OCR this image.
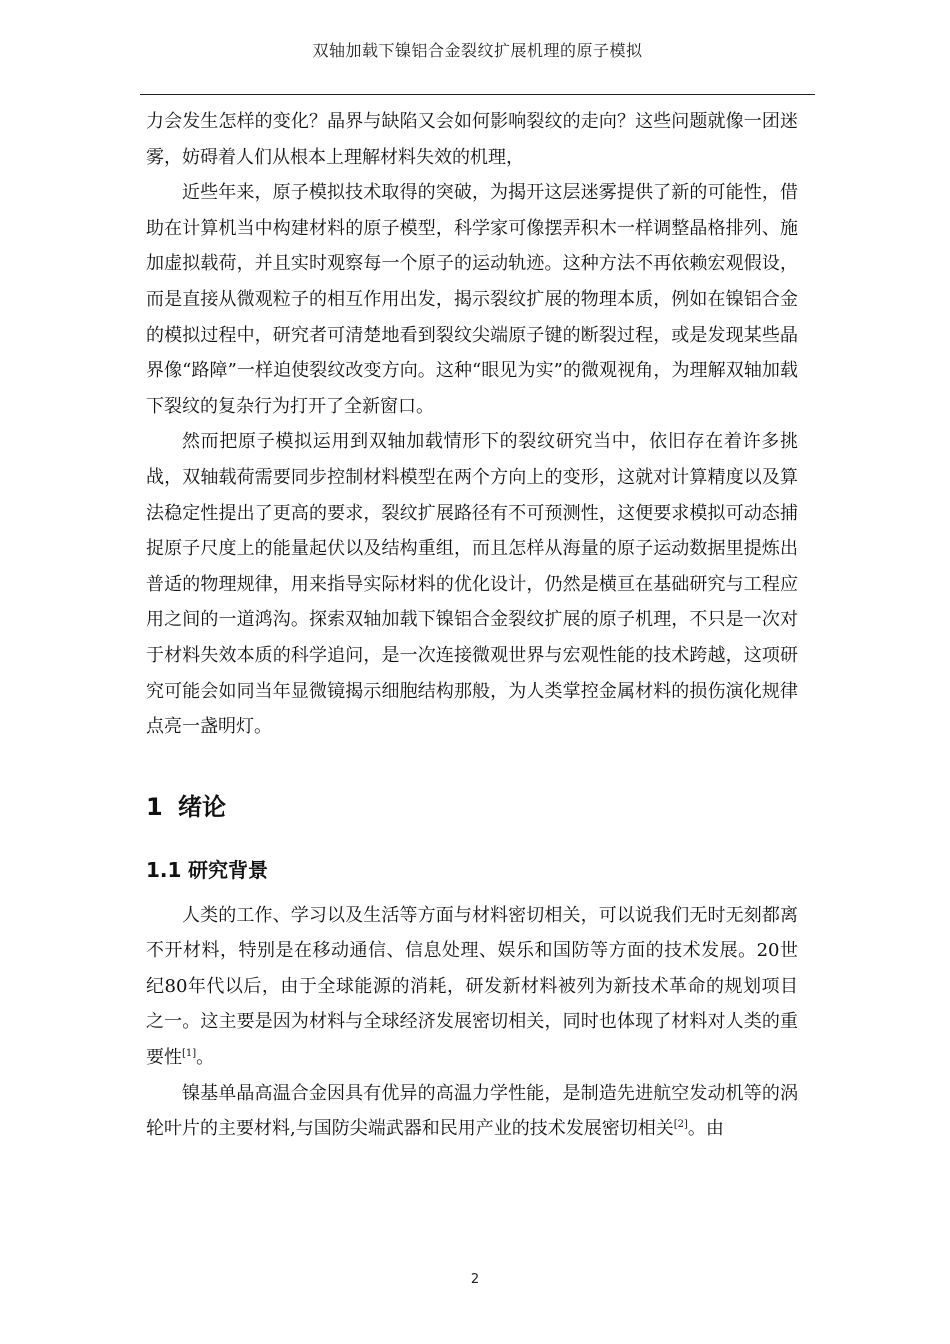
双轴加载下镍铝合金裂纹扩展机理的原子模拟

力会发生怎样的变化？晶界与缺陷又会如何影响裂纹的走向？这些问题就像一团迷雾，妨碍着人们从根本上理解材料失效的机理，

近些年来，原子模拟技术取得的突破，为揭开这层迷雾提供了新的可能性，借助在计算机当中构建材料的原子模型，科学家可像摆弄积木一样调整晶格排列、施加虚拟载荷，并且实时观察每一个原子的运动轨迹。这种方法不再依赖宏观假设，而是直接从微观粒子的相互作用出发，揭示裂纹扩展的物理本质，例如在镍铝合金的模拟过程中，研究者可清楚地看到裂纹尖端原子键的断裂过程，或是发现某些晶界像“路障”一样迫使裂纹改变方向。这种“眼见为实”的微观视角，为理解双轴加载下裂纹的复杂行为打开了全新窗口。

然而把原子模拟运用到双轴加载情形下的裂纹研究当中，依旧存在着许多挑战，双轴载荷需要同步控制材料模型在两个方向上的变形，这就对计算精度以及算法稳定性提出了更高的要求，裂纹扩展路径有不可预测性，这便要求模拟可动态捕捉原子尺度上的能量起伏以及结构重组，而且怎样从海量的原子运动数据里提炼出普适的物理规律，用来指导实际材料的优化设计，仍然是横亘在基础研究与工程应用之间的一道鸿沟。探索双轴加载下镍铝合金裂纹扩展的原子机理，不只是一次对于材料失效本质的科学追问，是一次连接微观世界与宏观性能的技术跨越，这项研究可能会如同当年显微镜揭示细胞结构那般，为人类掌控金属材料的损伤演化规律点亮一盏明灯。

1 绪论
1.1 研究背景

人类的工作、学习以及生活等方面与材料密切相关，可以说我们无时无刻都离不开材料，特别是在移动通信、信息处理、娱乐和国防等方面的技术发展。20世纪80年代以后，由于全球能源的消耗，研发新材料被列为新技术革命的规划项目之一。这主要是因为材料与全球经济发展密切相关，同时也体现了材料对人类的重要性[1]。

镍基单晶高温合金因具有优异的高温力学性能，是制造先进航空发动机等的涡轮叶片的主要材料,与国防尖端武器和民用产业的技术发展密切相关[2]。由

2
